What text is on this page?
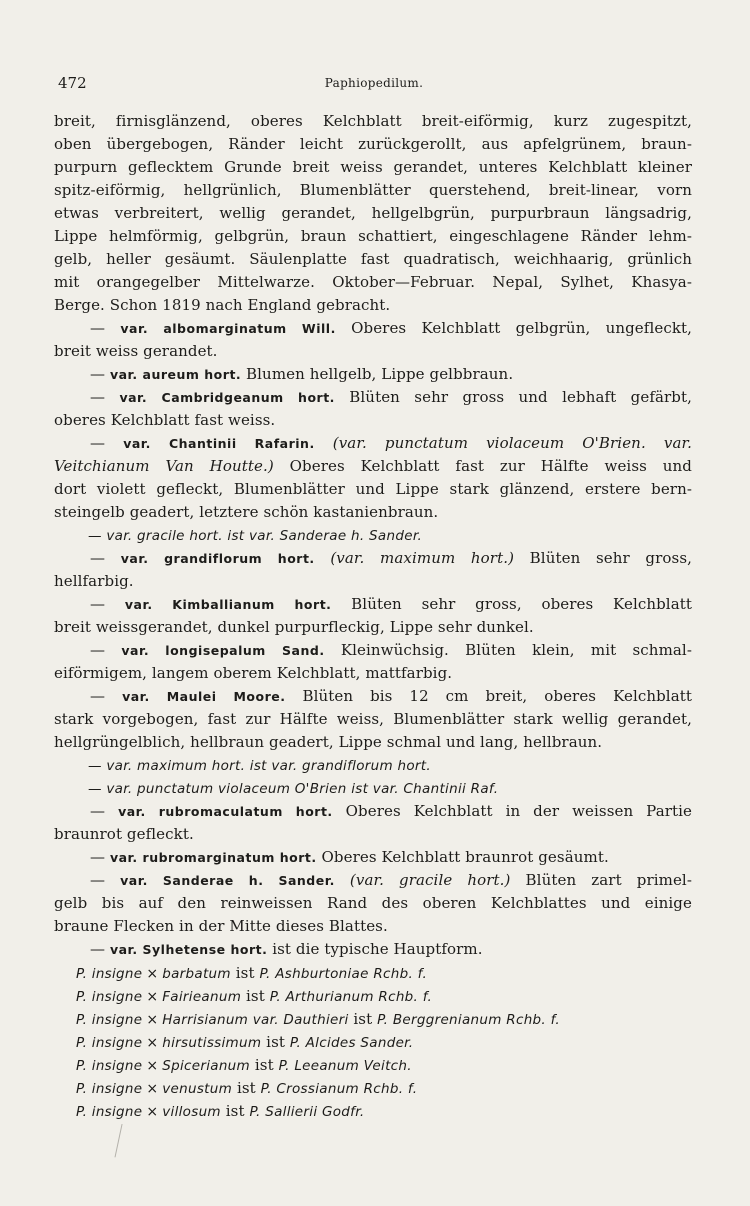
472	Paphiopedilum.
breit, firnisglänzend, oberes Kelchblatt breit-eiförmig, kurz zugespitzt,
oben übergebogen, Ränder leicht zurückgerollt, aus apfelgrünem, braun-
purpurn geflecktem Grunde breit weiss gerandet, unteres Kelchblatt kleiner
spitz-eiförmig, hellgrünlich, Blumenblätter querstehend, breit-linear, vorn
etwas verbreitert, wellig gerandet, hellgelbgrün, purpurbraun längsadrig,
Lippe helmförmig, gelbgrün, braun schattiert, eingeschlagene Ränder lehm-
gelb, heller gesäumt. Säulenplatte fast quadratisch, weichhaarig, grünlich
mit orangegelber Mittelwarze. Oktober—Februar. Nepal, Sylhet, Khasya-
Berge. Schon 1819 nach England gebracht.
— var. albomarginatum Will. Oberes Kelchblatt gelbgrün, ungefleckt,
breit weiss gerandet.
— var. aureum hort. Blumen hellgelb, Lippe gelbbraun.
— var. Cambridgeanum hort. Blüten sehr gross und lebhaft gefärbt,
oberes Kelchblatt fast weiss.
— var. Chantinii Rafarin. (var. punctatum violaceum O'Brien. var.
Veitchianum Van Houtte.) Oberes Kelchblatt fast zur Hälfte weiss und
dort violett gefleckt, Blumenblätter und Lippe stark glänzend, erstere bern-
steingelb geadert, letztere schön kastanienbraun.
— var. gracile hort. ist var. Sanderae h. Sander.
— var. grandiflorum hort. (var. maximum hort.) Blüten sehr gross,
hellfarbig.
— var. Kimballianum hort. Blüten sehr gross, oberes Kelchblatt
breit weissgerandet, dunkel purpurfleckig, Lippe sehr dunkel.
— var. longisepalum Sand. Kleinwüchsig. Blüten klein, mit schmal-
eiförmigem, langem oberem Kelchblatt, mattfarbig.
— var. Maulei Moore. Blüten bis 12 cm breit, oberes Kelchblatt
stark vorgebogen, fast zur Hälfte weiss, Blumenblätter stark wellig gerandet,
hellgrüngelblich, hellbraun geadert, Lippe schmal und lang, hellbraun.
— var. maximum hort. ist var. grandiflorum hort.
— var. punctatum violaceum O'Brien ist var. Chantinii Raf.
— var. rubromaculatum hort. Oberes Kelchblatt in der weissen Partie
braunrot gefleckt.
— var. rubromarginatum hort. Oberes Kelchblatt braunrot gesäumt.
— var. Sanderae h. Sander. (var. gracile hort.) Blüten zart primel-
gelb bis auf den reinweissen Rand des oberen Kelchblattes und einige
braune Flecken in der Mitte dieses Blattes.
— var. Sylhetense hort. ist die typische Hauptform.
P. insigne × barbatum ist P. Ashburtoniae Rchb. f.
P. insigne × Fairieanum ist P. Arthurianum Rchb. f.
P. insigne × Harrisianum var. Dauthieri ist P. Berggrenianum Rchb. f.
P. insigne × hirsutissimum ist P. Alcides Sander.
P. insigne × Spicerianum ist P. Leeanum Veitch.
P. insigne × venustum ist P. Crossianum Rchb. f.
P. insigne × villosum ist P. Sallierii Godfr.
